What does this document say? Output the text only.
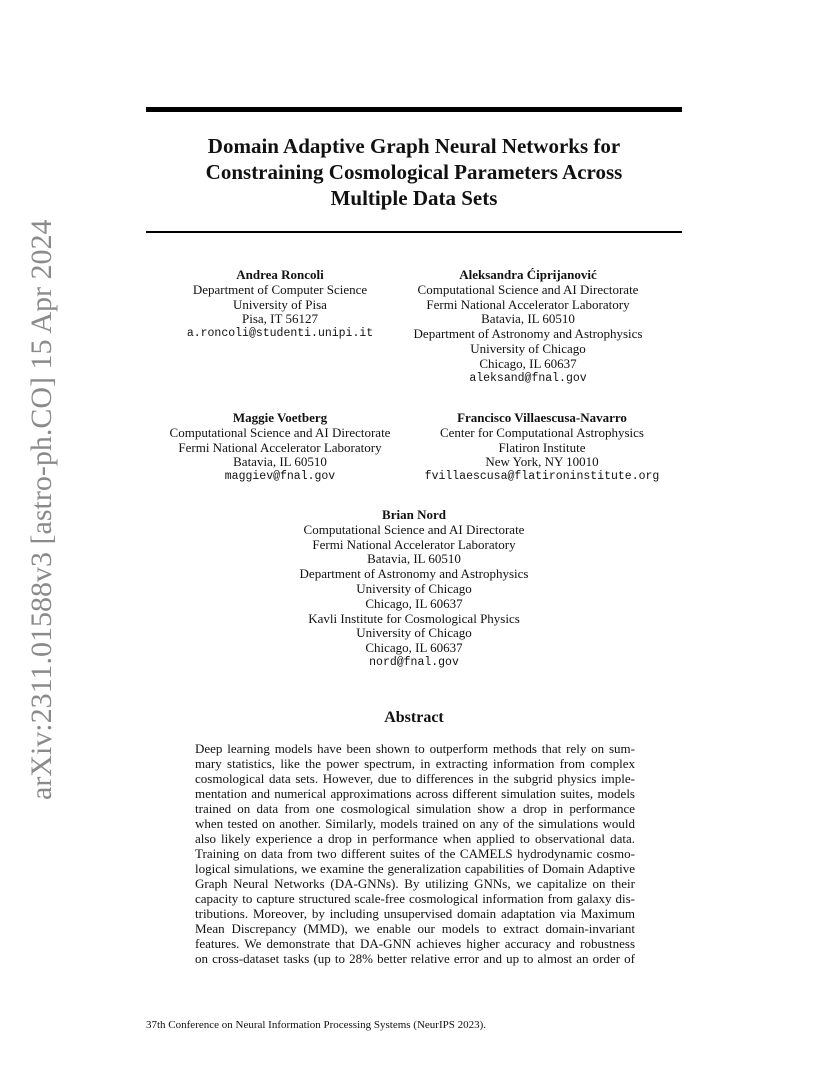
arXiv:2311.01588v3 [astro-ph.CO] 15 Apr 2024
Domain Adaptive Graph Neural Networks for
Constraining Cosmological Parameters Across
Multiple Data Sets
Andrea Roncoli
Department of Computer Science
University of Pisa
Pisa, IT 56127
a.roncoli@studenti.unipi.it
Aleksandra Ćiprijanović
Computational Science and AI Directorate
Fermi National Accelerator Laboratory
Batavia, IL 60510
Department of Astronomy and Astrophysics
University of Chicago
Chicago, IL 60637
aleksand@fnal.gov
Maggie Voetberg
Computational Science and AI Directorate
Fermi National Accelerator Laboratory
Batavia, IL 60510
maggiev@fnal.gov
Francisco Villaescusa-Navarro
Center for Computational Astrophysics
Flatiron Institute
New York, NY 10010
fvillaescusa@flatironinstitute.org
Brian Nord
Computational Science and AI Directorate
Fermi National Accelerator Laboratory
Batavia, IL 60510
Department of Astronomy and Astrophysics
University of Chicago
Chicago, IL 60637
Kavli Institute for Cosmological Physics
University of Chicago
Chicago, IL 60637
nord@fnal.gov
Abstract
Deep learning models have been shown to outperform methods that rely on sum-
mary statistics, like the power spectrum, in extracting information from complex
cosmological data sets. However, due to differences in the subgrid physics imple-
mentation and numerical approximations across different simulation suites, models
trained on data from one cosmological simulation show a drop in performance
when tested on another. Similarly, models trained on any of the simulations would
also likely experience a drop in performance when applied to observational data.
Training on data from two different suites of the CAMELS hydrodynamic cosmo-
logical simulations, we examine the generalization capabilities of Domain Adaptive
Graph Neural Networks (DA-GNNs). By utilizing GNNs, we capitalize on their
capacity to capture structured scale-free cosmological information from galaxy dis-
tributions. Moreover, by including unsupervised domain adaptation via Maximum
Mean Discrepancy (MMD), we enable our models to extract domain-invariant
features. We demonstrate that DA-GNN achieves higher accuracy and robustness
on cross-dataset tasks (up to 28% better relative error and up to almost an order of
37th Conference on Neural Information Processing Systems (NeurIPS 2023).
